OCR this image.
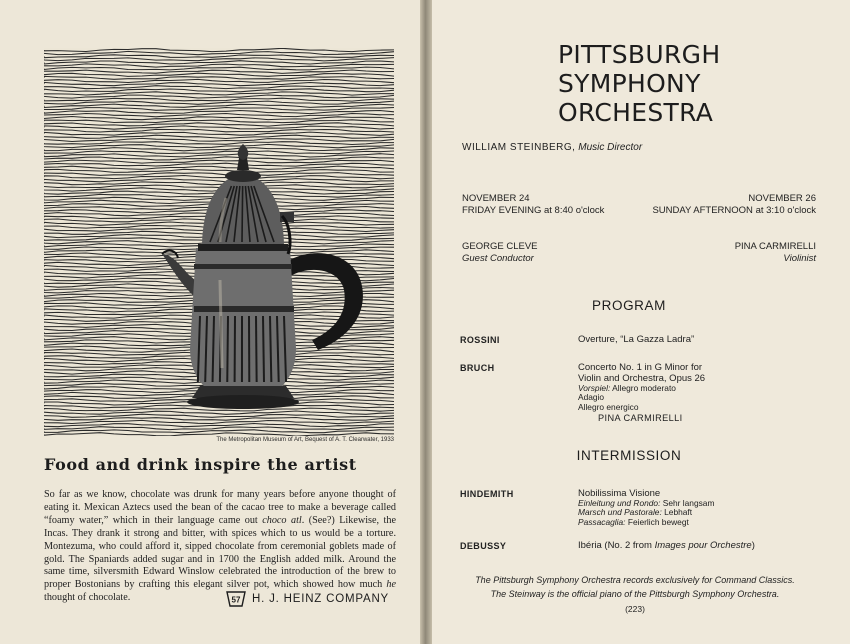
The Metropolitan Museum of Art, Bequest of A. T. Clearwater, 1933
Food and drink inspire the artist

So far as we know, chocolate was drunk for many years before anyone thought of eating it. Mexican Aztecs used the bean of the cacao tree to make a beverage called “foamy water,” which in their language came out choco atl. (See?) Likewise, the Incas. They drank it strong and bitter, with spices which to us would be a torture. Montezuma, who could afford it, sipped chocolate from ceremonial goblets made of gold. The Spaniards added sugar and in 1700 the English added milk. Around the same time, silversmith Edward Winslow celebrated the introduction of the brew to proper Bostonians by crafting this elegant silver pot, which showed how much he thought of chocolate.	57 H. J. HEINZ COMPANY
PITTSBURGH
SYMPHONY
ORCHESTRA
WILLIAM STEINBERG, Music Director
NOVEMBER 24
FRIDAY EVENING at 8:40 o'clock
NOVEMBER 26
SUNDAY AFTERNOON at 3:10 o'clock
GEORGE CLEVE
Guest Conductor
PINA CARMIRELLI
Violinist
PROGRAM
ROSSINI	Overture, “La Gazza Ladra”
BRUCH	Concerto No. 1 in G Minor for
Violin and Orchestra, Opus 26
Vorspiel: Allegro moderato
Adagio
Allegro energico
PINA CARMIRELLI
INTERMISSION
HINDEMITH	Nobilissima Visione
Einleitung und Rondo: Sehr langsam
Marsch und Pastorale: Lebhaft
Passacaglia: Feierlich bewegt
DEBUSSY	Ibéria (No. 2 from Images pour Orchestre)
The Pittsburgh Symphony Orchestra records exclusively for Command Classics.
The Steinway is the official piano of the Pittsburgh Symphony Orchestra.
(223)
